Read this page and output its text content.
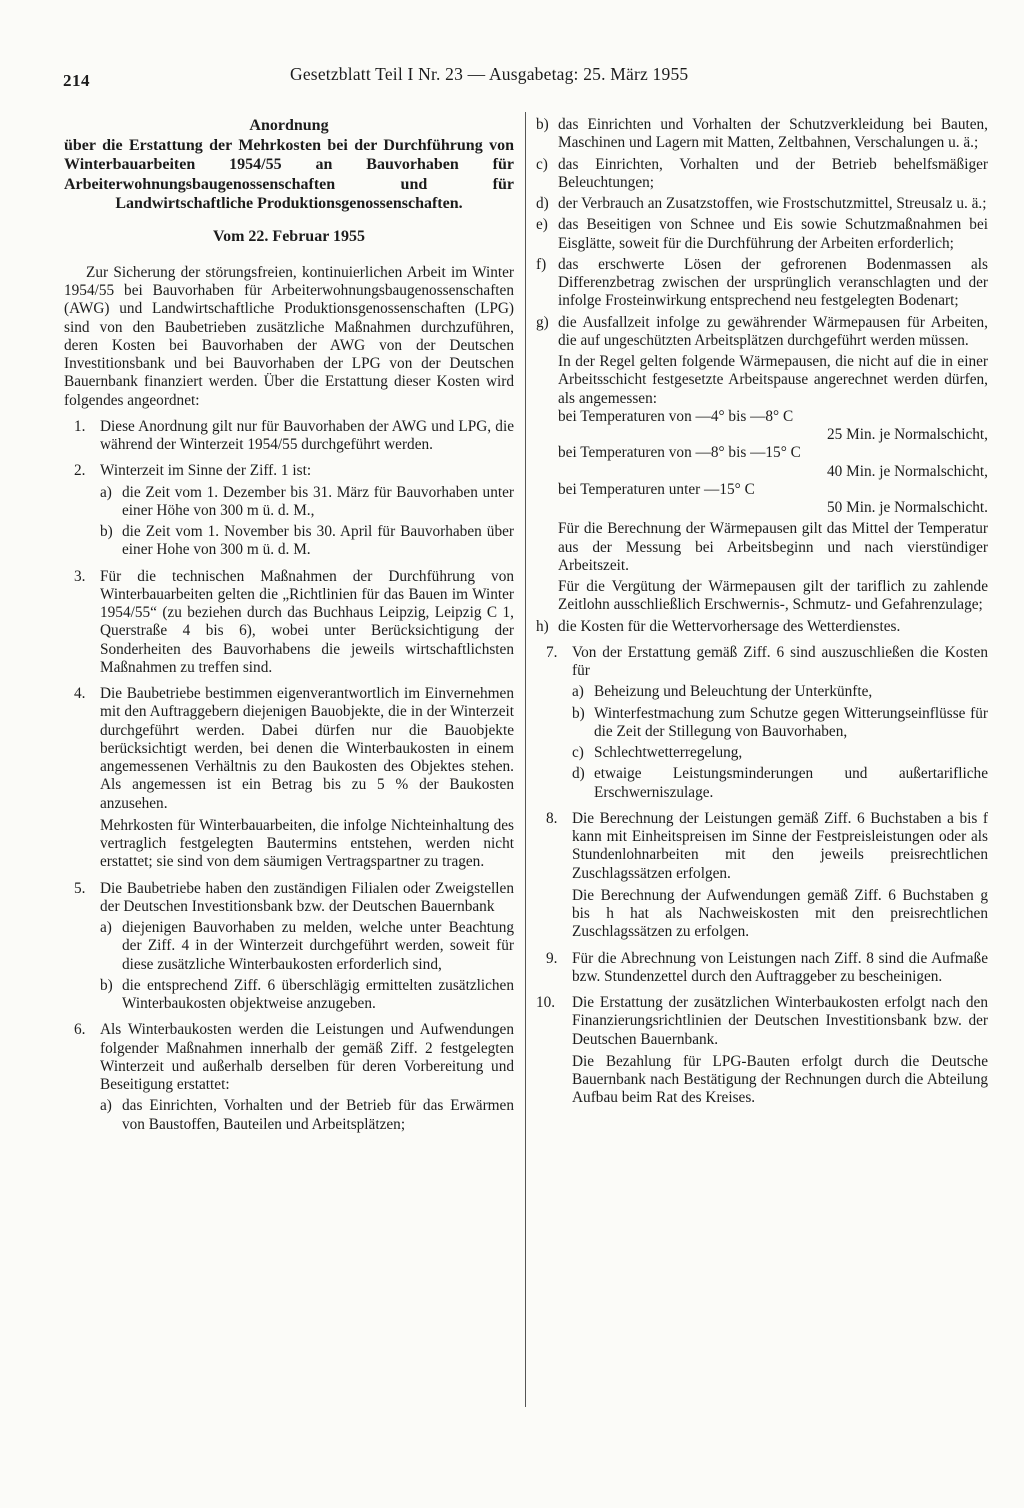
214	Gesetzblatt Teil I Nr. 23 — Ausgabetag: 25. März 1955
Anordnung
über die Erstattung der Mehrkosten bei der Durchführung von Winterbauarbeiten 1954/55 an Bauvorhaben für Arbeiterwohnungsbaugenossenschaften und für Landwirtschaftliche Produktionsgenossenschaften.
Vom 22. Februar 1955

Zur Sicherung der störungsfreien, kontinuierlichen Arbeit im Winter 1954/55 bei Bauvorhaben für Arbeiterwohnungsbaugenossenschaften (AWG) und Landwirtschaftliche Produktionsgenossenschaften (LPG) sind von den Baubetrieben zusätzliche Maßnahmen durchzuführen, deren Kosten bei Bauvorhaben der AWG von der Deutschen Investitionsbank und bei Bauvorhaben der LPG von der Deutschen Bauernbank finanziert werden. Über die Erstattung dieser Kosten wird folgendes angeordnet:

1. Diese Anordnung gilt nur für Bauvorhaben der AWG und LPG, die während der Winterzeit 1954/55 durchgeführt werden.

2. Winterzeit im Sinne der Ziff. 1 ist:

a) die Zeit vom 1. Dezember bis 31. März für Bauvorhaben unter einer Höhe von 300 m ü. d. M.,

b) die Zeit vom 1. November bis 30. April für Bauvorhaben über einer Hohe von 300 m ü. d. M.

3. Für die technischen Maßnahmen der Durchführung von Winterbauarbeiten gelten die „Richtlinien für das Bauen im Winter 1954/55“ (zu beziehen durch das Buchhaus Leipzig, Leipzig C 1, Querstraße 4 bis 6), wobei unter Berücksichtigung der Sonderheiten des Bauvorhabens die jeweils wirtschaftlichsten Maßnahmen zu treffen sind.

4. Die Baubetriebe bestimmen eigenverantwortlich im Einvernehmen mit den Auftraggebern diejenigen Bauobjekte, die in der Winterzeit durchgeführt werden. Dabei dürfen nur die Bauobjekte berücksichtigt werden, bei denen die Winterbaukosten in einem angemessenen Verhältnis zu den Baukosten des Objektes stehen. Als angemessen ist ein Betrag bis zu 5 % der Baukosten anzusehen.

Mehrkosten für Winterbauarbeiten, die infolge Nichteinhaltung des vertraglich festgelegten Bautermins entstehen, werden nicht erstattet; sie sind von dem säumigen Vertragspartner zu tragen.

5. Die Baubetriebe haben den zuständigen Filialen oder Zweigstellen der Deutschen Investitionsbank bzw. der Deutschen Bauernbank

a) diejenigen Bauvorhaben zu melden, welche unter Beachtung der Ziff. 4 in der Winterzeit durchgeführt werden, soweit für diese zusätzliche Winterbaukosten erforderlich sind,

b) die entsprechend Ziff. 6 überschlägig ermittelten zusätzlichen Winterbaukosten objektweise anzugeben.

6. Als Winterbaukosten werden die Leistungen und Aufwendungen folgender Maßnahmen innerhalb der gemäß Ziff. 2 festgelegten Winterzeit und außerhalb derselben für deren Vorbereitung und Beseitigung erstattet:

a) das Einrichten, Vorhalten und der Betrieb für das Erwärmen von Baustoffen, Bauteilen und Arbeitsplätzen;

b) das Einrichten und Vorhalten der Schutzverkleidung bei Bauten, Maschinen und Lagern mit Matten, Zeltbahnen, Verschalungen u. ä.;

c) das Einrichten, Vorhalten und der Betrieb behelfsmäßiger Beleuchtungen;

d) der Verbrauch an Zusatzstoffen, wie Frostschutzmittel, Streusalz u. ä.;

e) das Beseitigen von Schnee und Eis sowie Schutzmaßnahmen bei Eisglätte, soweit für die Durchführung der Arbeiten erforderlich;

f) das erschwerte Lösen der gefrorenen Bodenmassen als Differenzbetrag zwischen der ursprünglich veranschlagten und der infolge Frosteinwirkung entsprechend neu festgelegten Bodenart;

g) die Ausfallzeit infolge zu gewährender Wärmepausen für Arbeiten, die auf ungeschützten Arbeitsplätzen durchgeführt werden müssen.

In der Regel gelten folgende Wärmepausen, die nicht auf die in einer Arbeitsschicht festgesetzte Arbeitspause angerechnet werden dürfen, als angemessen:

bei Temperaturen von —4° bis —8° C
25 Min. je Normalschicht,
bei Temperaturen von —8° bis —15° C
40 Min. je Normalschicht,
bei Temperaturen unter —15° C
50 Min. je Normalschicht.

Für die Berechnung der Wärmepausen gilt das Mittel der Temperatur aus der Messung bei Arbeitsbeginn und nach vierstündiger Arbeitszeit.

Für die Vergütung der Wärmepausen gilt der tariflich zu zahlende Zeitlohn ausschließlich Erschwernis-, Schmutz- und Gefahrenzulage;

h) die Kosten für die Wettervorhersage des Wetterdienstes.

7. Von der Erstattung gemäß Ziff. 6 sind auszuschließen die Kosten für

a) Beheizung und Beleuchtung der Unterkünfte,

b) Winterfestmachung zum Schutze gegen Witterungseinflüsse für die Zeit der Stillegung von Bauvorhaben,

c) Schlechtwetterregelung,

d) etwaige Leistungsminderungen und außertarifliche Erschwerniszulage.

8. Die Berechnung der Leistungen gemäß Ziff. 6 Buchstaben a bis f kann mit Einheitspreisen im Sinne der Festpreisleistungen oder als Stundenlohnarbeiten mit den jeweils preisrechtlichen Zuschlagssätzen erfolgen.

Die Berechnung der Aufwendungen gemäß Ziff. 6 Buchstaben g bis h hat als Nachweiskosten mit den preisrechtlichen Zuschlagssätzen zu erfolgen.

9. Für die Abrechnung von Leistungen nach Ziff. 8 sind die Aufmaße bzw. Stundenzettel durch den Auftraggeber zu bescheinigen.

10. Die Erstattung der zusätzlichen Winterbaukosten erfolgt nach den Finanzierungsrichtlinien der Deutschen Investitionsbank bzw. der Deutschen Bauernbank.

Die Bezahlung für LPG-Bauten erfolgt durch die Deutsche Bauernbank nach Bestätigung der Rechnungen durch die Abteilung Aufbau beim Rat des Kreises.
